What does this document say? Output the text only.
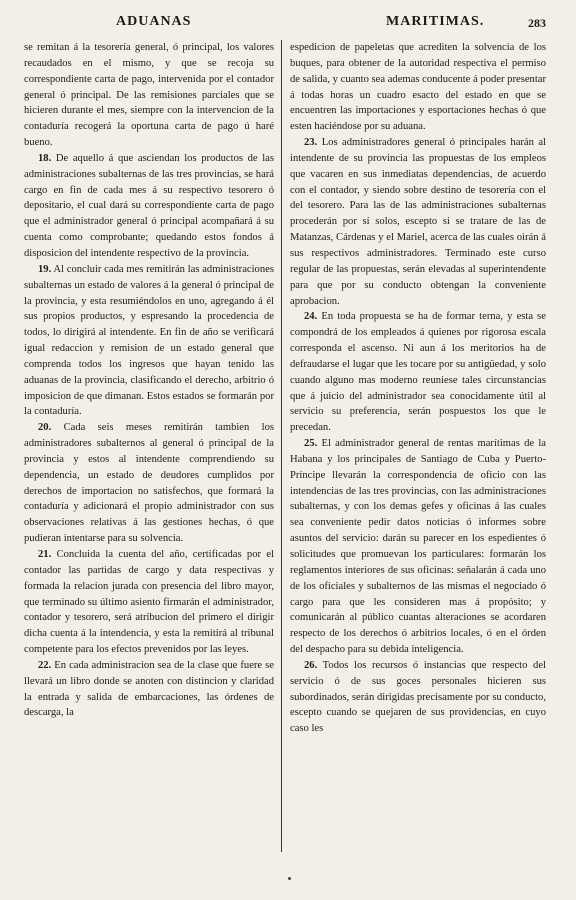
ADUANAS	MARITIMAS.	283

se remitan á la tesorería general, ó principal, los valores recaudados en el mismo, y que se recoja su correspondiente carta de pago, intervenida por el contador general ó principal. De las remisiones parciales que se hicieren durante el mes, siempre con la intervencion de la contaduría recogerá la oportuna carta de pago ú haré bueno.

18. De aquello á que asciendan los productos de las administraciones subalternas de las tres provincias, se hará cargo en fin de cada mes á su respectivo tesorero ó depositario, el cual dará su correspondiente carta de pago que el administrador general ó principal acompañará á su cuenta como comprobante; quedando estos fondos á disposicion del intendente respectivo de la provincia.

19. Al concluir cada mes remitirán las administraciones subalternas un estado de valores á la general ó principal de la provincia, y esta resumiéndolos en uno, agregando á él sus propios productos, y espresando la procedencia de todos, lo dirigirá al intendente. En fin de año se verificará igual redaccion y remision de un estado general que comprenda todos los ingresos que hayan tenido las aduanas de la provincia, clasificando el derecho, arbitrio ó imposicion de que dimanan. Estos estados se formarán por la contaduría.

20. Cada seis meses remitirán tambien los administradores subalternos al general ó principal de la provincia y estos al intendente comprendiendo su dependencia, un estado de deudores cumplidos por derechos de importacion no satisfechos, que formará la contaduría y adicionará el propio administrador con sus observaciones relativas á las gestiones hechas, ó que pudieran intentarse para su solvencia.

21. Concluida la cuenta del año, certificadas por el contador las partidas de cargo y data respectivas y formada la relacion jurada con presencia del libro mayor, que terminado su último asiento firmarán el administrador, contador y tesorero, será atribucion del primero el dirigir dicha cuenta á la intendencia, y esta la remitirá al tribunal competente para los efectos prevenidos por las leyes.

22. En cada administracion sea de la clase que fuere se llevará un libro donde se anoten con distincion y claridad la entrada y salida de embarcaciones, las órdenes de descarga, la

espedicion de papeletas que acrediten la solvencia de los buques, para obtener de la autoridad respectiva el permiso de salida, y cuanto sea ademas conducente á poder presentar á todas horas un cuadro esacto del estado en que se encuentren las importaciones y esportaciones hechas ó que esten haciéndose por su aduana.

23. Los administradores general ó principales harán al intendente de su provincia las propuestas de los empleos que vacaren en sus inmediatas dependencias, de acuerdo con el contador, y siendo sobre destino de tesorería con el del tesorero. Para las de las administraciones subalternas procederán por sí solos, escepto si se tratare de las de Matanzas, Cárdenas y el Mariel, acerca de las cuales oirán á sus respectivos administradores. Terminado este curso regular de las propuestas, serán elevadas al superintendente para que por su conducto obtengan la conveniente aprobacion.

24. En toda propuesta se ha de formar terna, y esta se compondrá de los empleados á quienes por rigorosa escala corresponda el ascenso. Ni aun á los meritorios ha de defraudarse el lugar que les tocare por su antigüedad, y solo cuando alguno mas moderno reuniese tales circunstancias que á juicio del administrador sea conocidamente útil al servicio su preferencia, serán pospuestos los que le precedan.

25. El administrador general de rentas marítimas de la Habana y los principales de Santiago de Cuba y Puerto-Príncipe llevarán la correspondencia de oficio con las intendencias de las tres provincias, con las administraciones subalternas, y con los demas gefes y oficinas á las cuales sea conveniente pedir datos noticias ó informes sobre asuntos del servicio: darán su parecer en los espedientes ó solicitudes que promuevan los particulares: formarán los reglamentos interiores de sus oficinas: señalarán á cada uno de los oficiales y subalternos de las mismas el negociado ó cargo para que les consideren mas á propósito; y comunicarán al público cuantas alteraciones se acordaren respecto de los derechos ó arbitrios locales, ó en el órden del despacho para su debida inteligencia.

26. Todos los recursos ó instancias que respecto del servicio ó de sus goces personales hicieren sus subordinados, serán dirigidas precisamente por su conducto, escepto cuando se quejaren de sus providencias, en cuyo caso les
